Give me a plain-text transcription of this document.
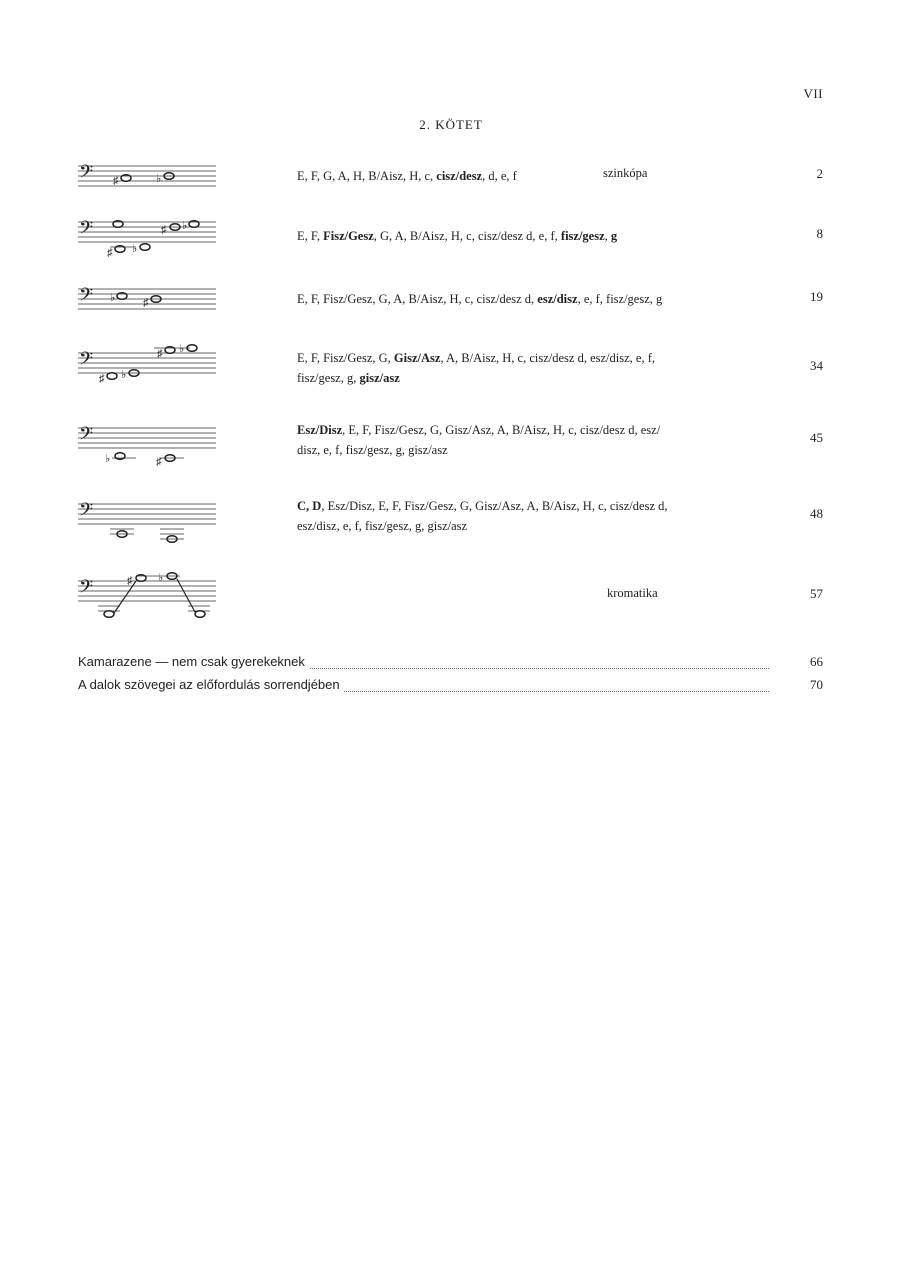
VII
2. KÖTET
𝄢 ♯	♭	E, F, G, A, H, B/Aisz, H, c, cisz/desz, d, e, f	szinkópa	2
𝄢
♯ ♭
♯ ♭
E, F, Fisz/Gesz, G, A, B/Aisz, H, c, cisz/desz d, e, f, fisz/gesz, g	8
𝄢 ♭	♯	E, F, Fisz/Gesz, G, A, B/Aisz, H, c, cisz/desz d, esz/disz, e, f, fisz/gesz, g	19
𝄢
♯ ♭
♯ ♭
E, F, Fisz/Gesz, G, Gisz/Asz, A, B/Aisz, H, c, cisz/desz d, esz/disz, e, f,
fisz/gesz, g, gisz/asz
34
𝄢
♭	♯
Esz/Disz, E, F, Fisz/Gesz, G, Gisz/Asz, A, B/Aisz, H, c, cisz/desz d, esz/
disz, e, f, fisz/gesz, g, gisz/asz
45
𝄢	C, D, Esz/Disz, E, F, Fisz/Gesz, G, Gisz/Asz, A, B/Aisz, H, c, cisz/desz d,
esz/disz, e, f, fisz/gesz, g, gisz/asz
48
𝄢	♯ ♭
kromatika	57
Kamarazene — nem csak gyerekeknek	66
A dalok szövegei az előfordulás sorrendjében	70
